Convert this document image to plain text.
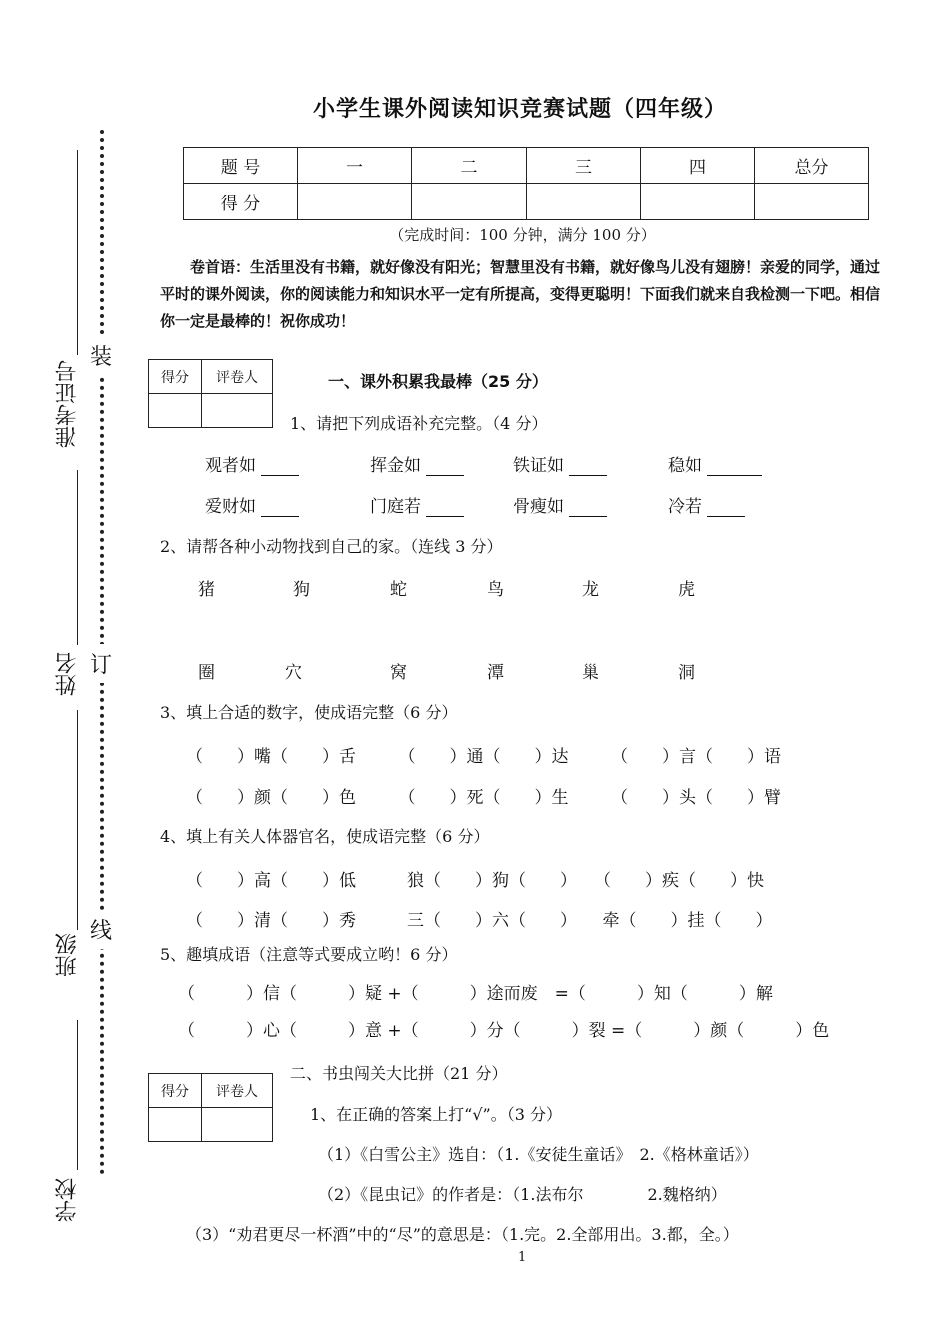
装
订
线
准考证号
姓名
班级
学校
小学生课外阅读知识竞赛试题（四年级）
题 号	一	二	三	四	总分
得 分					
（完成时间：100 分钟，满分 100 分）
卷首语：生活里没有书籍，就好像没有阳光；智慧里没有书籍，就好像鸟儿没有翅膀！亲爱的同学，通过平时的课外阅读，你的阅读能力和知识水平一定有所提高，变得更聪明！下面我们就来自我检测一下吧。相信你一定是最棒的！祝你成功！
得分	评卷人
		一、课外积累我最棒（25 分）
1、请把下列成语补充完整。（4 分）
观者如	挥金如	铁证如	稳如
爱财如	门庭若	骨瘦如	冷若
2、请帮各种小动物找到自己的家。（连线 3 分）
猪	狗	蛇	鸟	龙	虎
圈	穴	窝	潭	巢	洞
3、填上合适的数字，使成语完整（6 分）
（　　）嘴（　　）舌　　　（　　）通（　　）达　　　（　　）言（　　）语
（　　）颜（　　）色　　　（　　）死（　　）生　　　（　　）头（　　）臂
4、填上有关人体器官名，使成语完整（6 分）
（　　）高（　　）低　　　狼（　　）狗（　　）　　（　　）疾（　　）快
（　　）清（　　）秀　　　三（　　）六（　　）　　牵（　　）挂（　　）
5、趣填成语（注意等式要成立哟！6 分）
（　　　）信（　　　）疑 +（　　　）途而废　=（　　　）知（　　　）解
（　　　）心（　　　）意 +（　　　）分（　　　）裂 =（　　　）颜（　　　）色
得分	评卷人

二、书虫闯关大比拼（21 分）
1、在正确的答案上打“√”。（3 分）
（1）《白雪公主》选自：（1.《安徒生童话》　2.《格林童话》）
（2）《昆虫记》的作者是：（1.法布尔　　　　2.魏格纳）
（3）“劝君更尽一杯酒”中的“尽”的意思是：（1.完。2.全部用出。3.都，全。）
1
